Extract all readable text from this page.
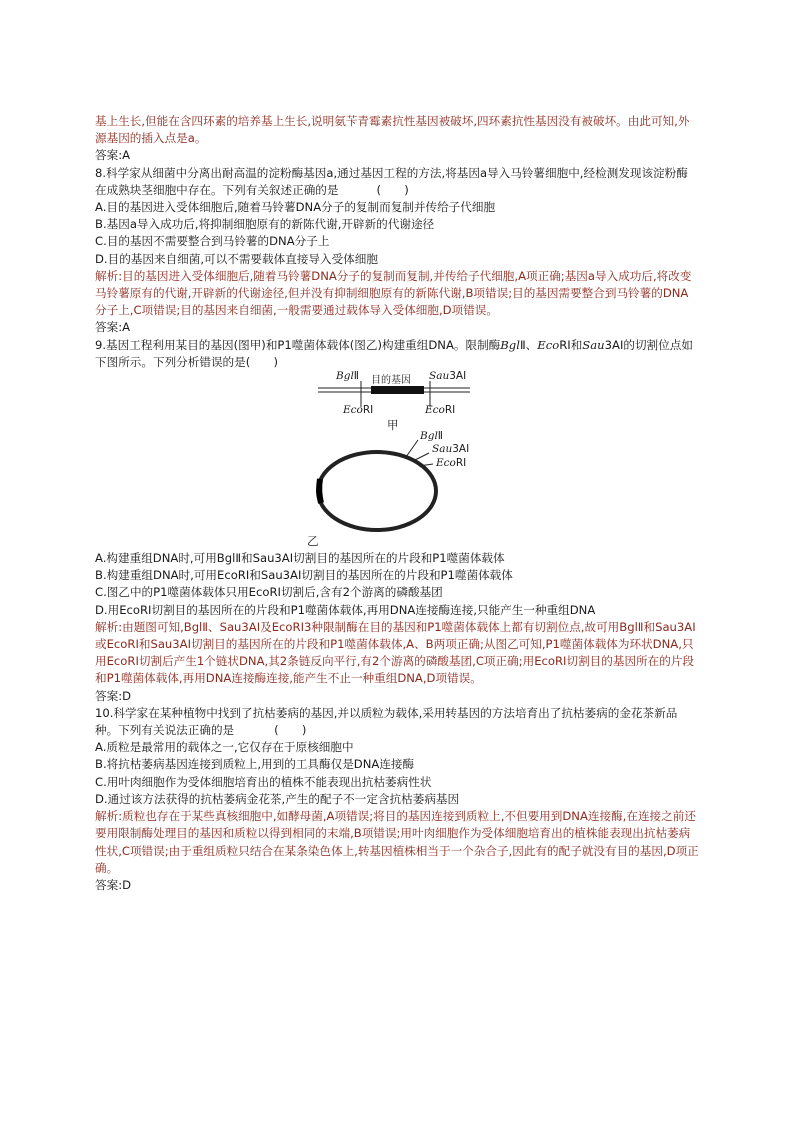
基上生长,但能在含四环素的培养基上生长,说明氨苄青霉素抗性基因被破坏,四环素抗性基因没有被破坏。由此可知,外源基因的插入点是a。

答案:A

8.科学家从细菌中分离出耐高温的淀粉酶基因a,通过基因工程的方法,将基因a导入马铃薯细胞中,经检测发现该淀粉酶在成熟块茎细胞中存在。下列有关叙述正确的是	(　　)

A.目的基因进入受体细胞后,随着马铃薯DNA分子的复制而复制并传给子代细胞

B.基因a导入成功后,将抑制细胞原有的新陈代谢,开辟新的代谢途径

C.目的基因不需要整合到马铃薯的DNA分子上

D.目的基因来自细菌,可以不需要载体直接导入受体细胞

解析:目的基因进入受体细胞后,随着马铃薯DNA分子的复制而复制,并传给子代细胞,A项正确;基因a导入成功后,将改变马铃薯原有的代谢,开辟新的代谢途径,但并没有抑制细胞原有的新陈代谢,B项错误;目的基因需要整合到马铃薯的DNA分子上,C项错误;目的基因来自细菌,一般需要通过载体导入受体细胞,D项错误。

答案:A

9.基因工程利用某目的基因(图甲)和P1噬菌体载体(图乙)构建重组DNA。限制酶BglⅡ、EcoRⅠ和Sau3AⅠ的切割位点如下图所示。下列分析错误的是(　　)

BglⅡ 目的基因 Sau3AⅠ
EcoRⅠ	EcoRⅠ
甲
BglⅡ
Sau3AⅠ
EcoRⅠ

乙

A.构建重组DNA时,可用BglⅡ和Sau3AⅠ切割目的基因所在的片段和P1噬菌体载体

B.构建重组DNA时,可用EcoRⅠ和Sau3AⅠ切割目的基因所在的片段和P1噬菌体载体

C.图乙中的P1噬菌体载体只用EcoRⅠ切割后,含有2个游离的磷酸基团

D.用EcoRⅠ切割目的基因所在的片段和P1噬菌体载体,再用DNA连接酶连接,只能产生一种重组DNA

解析:由题图可知,BglⅡ、Sau3AⅠ及EcoRⅠ3种限制酶在目的基因和P1噬菌体载体上都有切割位点,故可用BglⅡ和Sau3AⅠ或EcoRⅠ和Sau3AⅠ切割目的基因所在的片段和P1噬菌体载体,A、B两项正确;从图乙可知,P1噬菌体载体为环状DNA,只用EcoRⅠ切割后产生1个链状DNA,其2条链反向平行,有2个游离的磷酸基团,C项正确;用EcoRⅠ切割目的基因所在的片段和P1噬菌体载体,再用DNA连接酶连接,能产生不止一种重组DNA,D项错误。

答案:D

10.科学家在某种植物中找到了抗枯萎病的基因,并以质粒为载体,采用转基因的方法培育出了抗枯萎病的金花茶新品种。下列有关说法正确的是	(　　)

A.质粒是最常用的载体之一,它仅存在于原核细胞中

B.将抗枯萎病基因连接到质粒上,用到的工具酶仅是DNA连接酶

C.用叶肉细胞作为受体细胞培育出的植株不能表现出抗枯萎病性状

D.通过该方法获得的抗枯萎病金花茶,产生的配子不一定含抗枯萎病基因

解析:质粒也存在于某些真核细胞中,如酵母菌,A项错误;将目的基因连接到质粒上,不但要用到DNA连接酶,在连接之前还要用限制酶处理目的基因和质粒以得到相同的末端,B项错误;用叶肉细胞作为受体细胞培育出的植株能表现出抗枯萎病性状,C项错误;由于重组质粒只结合在某条染色体上,转基因植株相当于一个杂合子,因此有的配子就没有目的基因,D项正确。

答案:D
